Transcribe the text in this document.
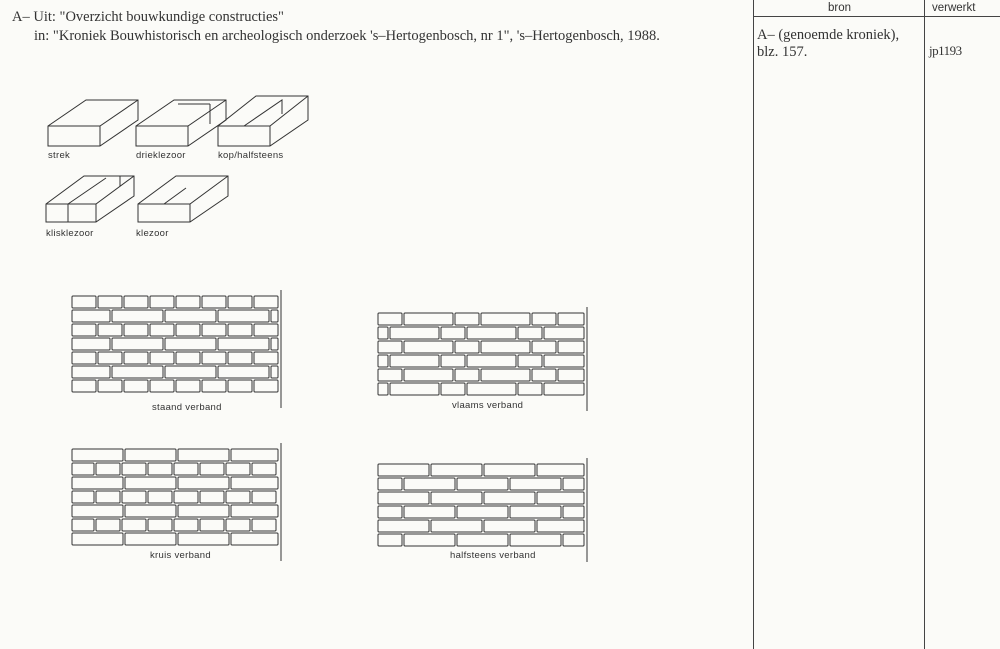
A– Uit: "Overzicht bouwkundige constructies"
in: "Kroniek Bouwhistorisch en archeologisch onderzoek 's–Hertogenbosch, nr 1", 's–Hertogenbosch, 1988.
bron	verwerkt
A– (genoemde kroniek),
blz. 157.	jp1193
strek	drieklezoor	kop/halfsteens
klisklezoor	klezoor
staand verband	vlaams verband
kruis verband	halfsteens verband
